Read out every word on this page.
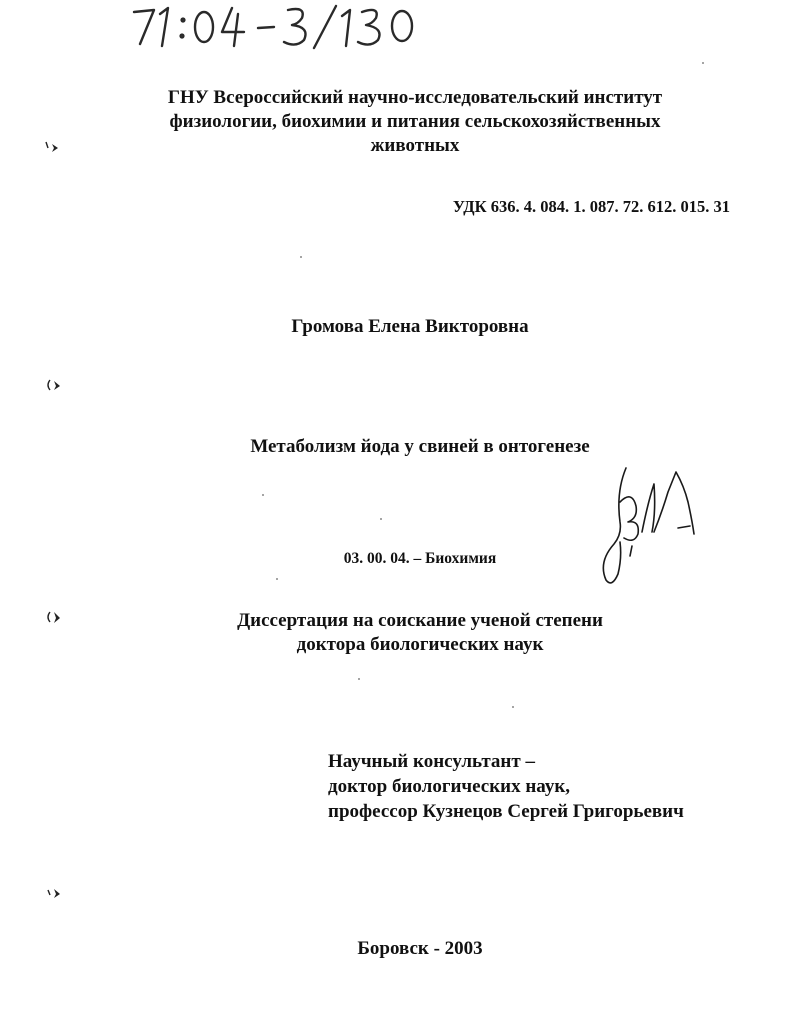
ГНУ Всероссийский научно-исследовательский институт
физиологии, биохимии и питания сельскохозяйственных
животных
УДК 636. 4. 084. 1. 087. 72. 612. 015. 31
Громова Елена Викторовна
Метаболизм йода у свиней в онтогенезе
03. 00. 04. – Биохимия
Диссертация на соискание ученой степени
доктора биологических наук
Научный консультант –
доктор биологических наук,
профессор Кузнецов Сергей Григорьевич
Боровск - 2003
